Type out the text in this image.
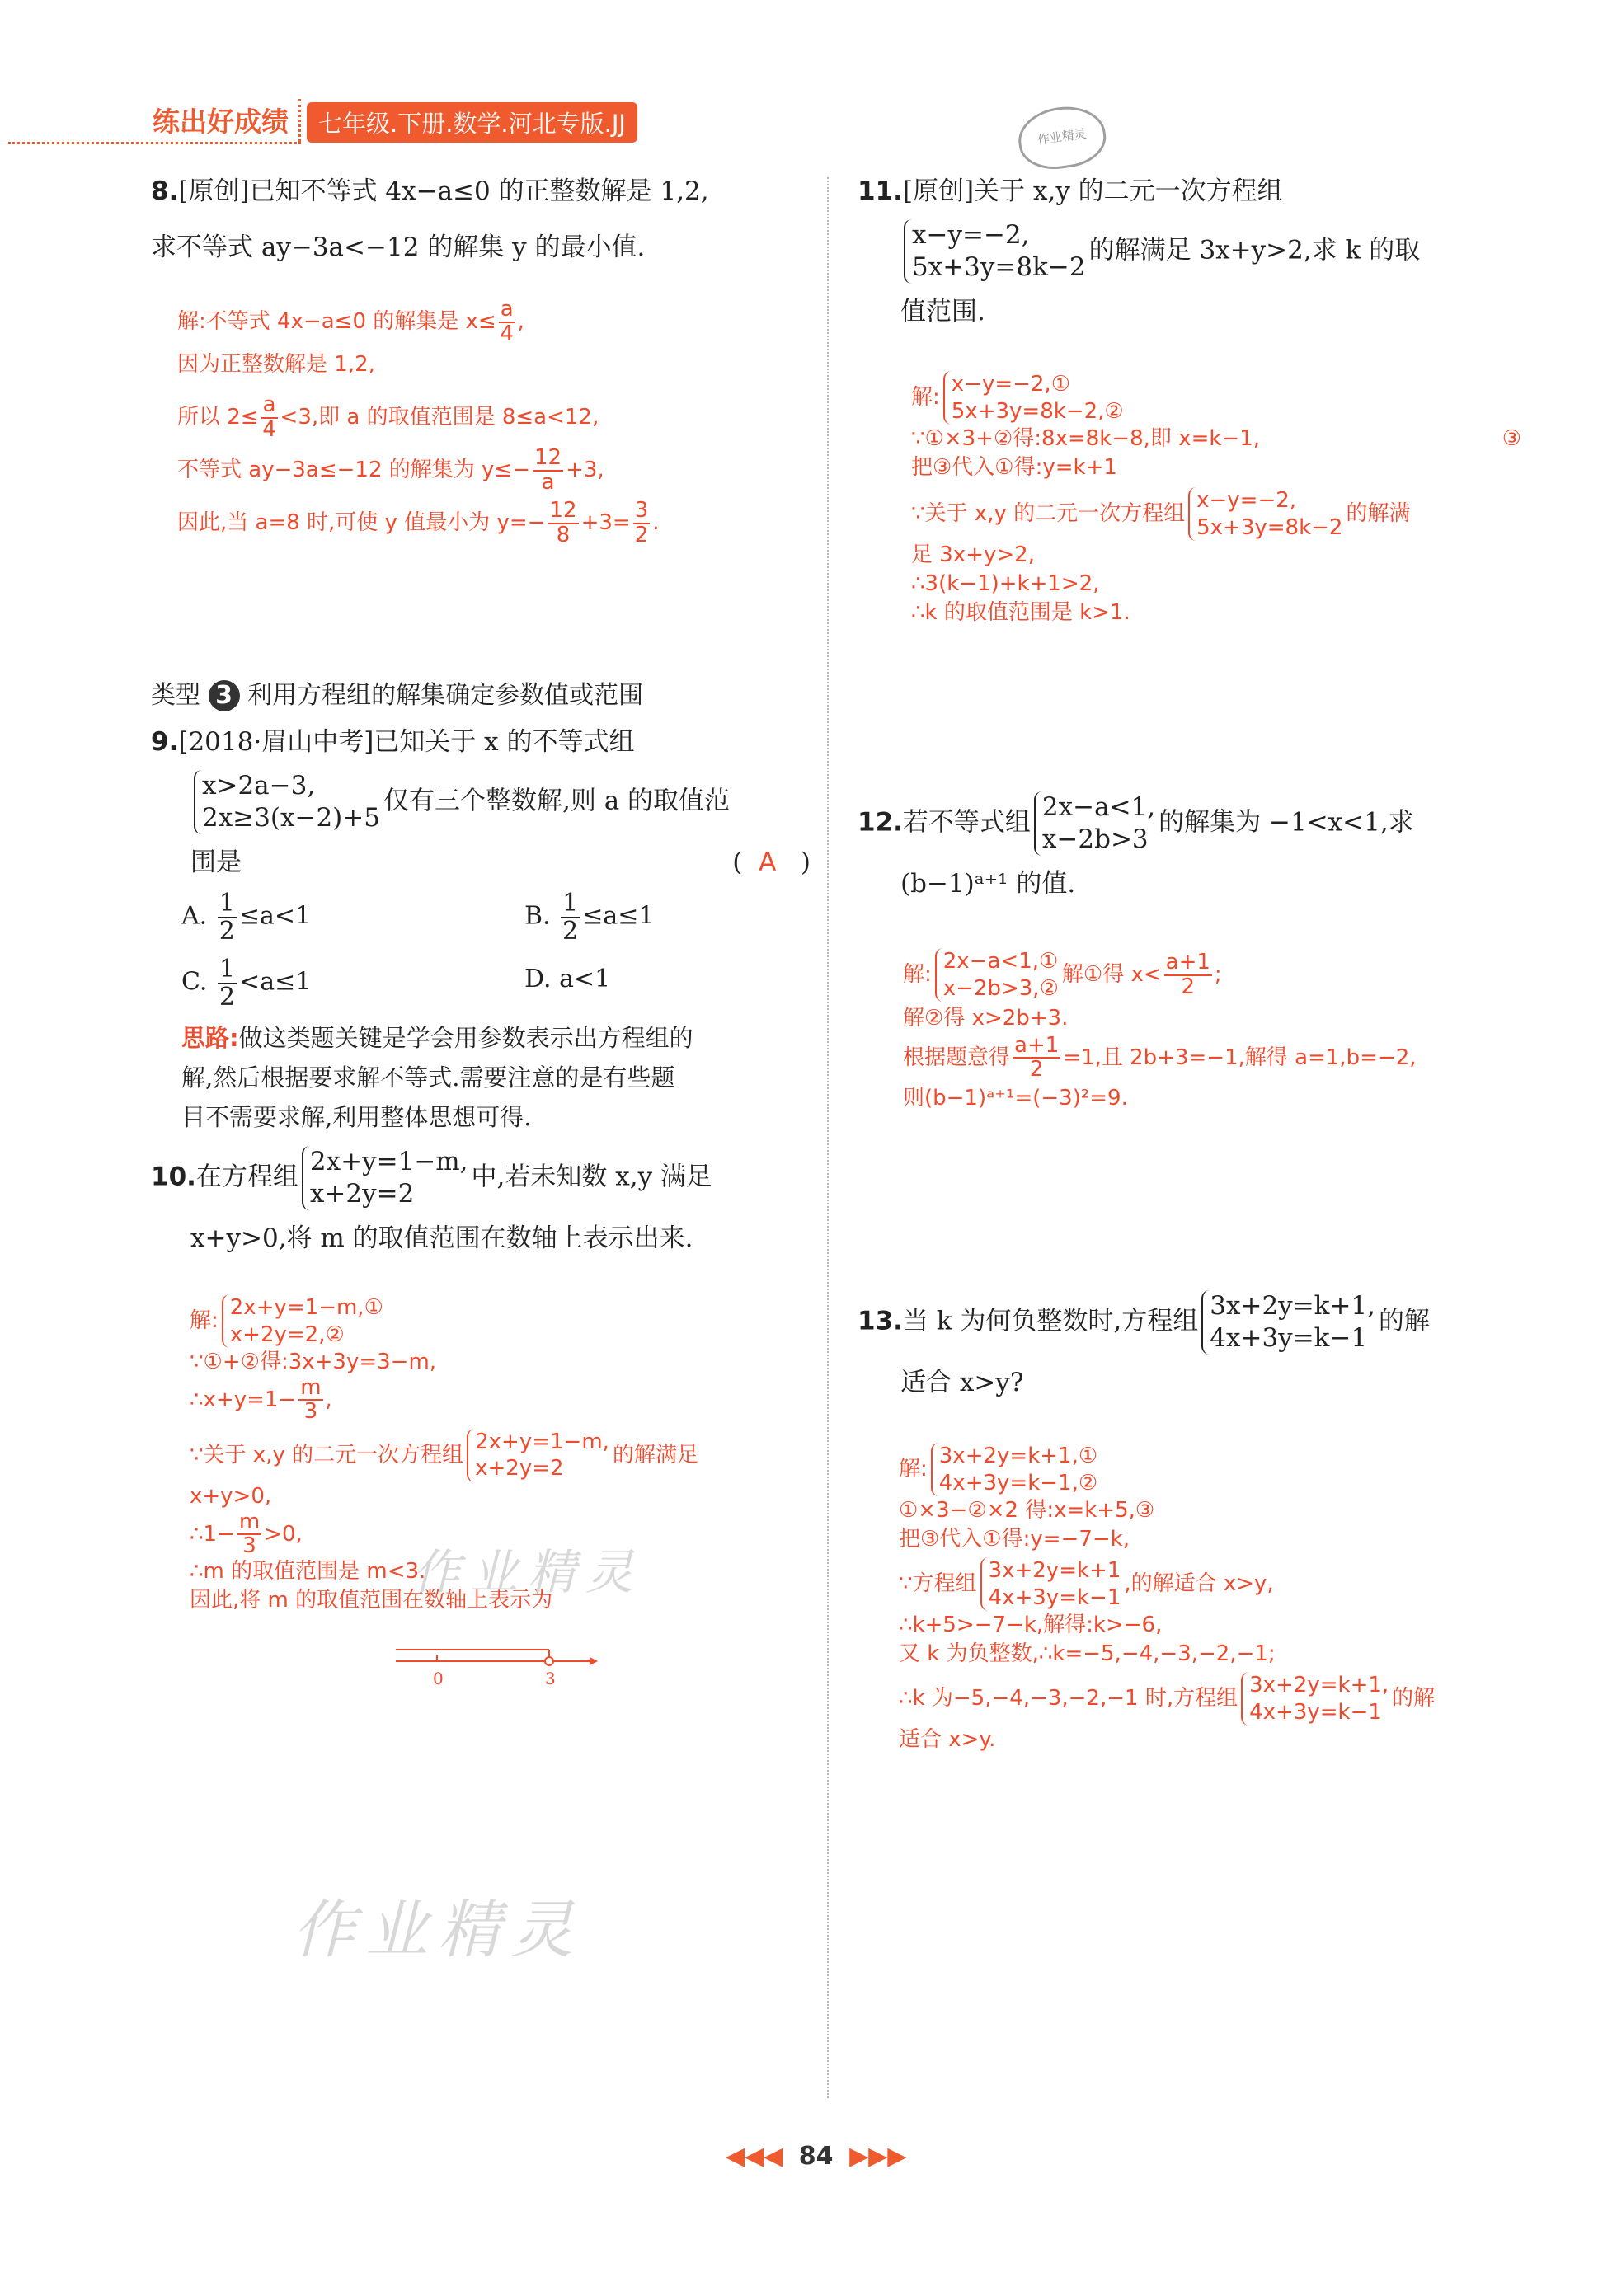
练出好成绩	七年级.下册.数学.河北专版.JJ	作业精灵
8.[原创]已知不等式 4x−a≤0 的正整数解是 1,2,
求不等式 ay−3a<−12 的解集 y 的最小值.
解:不等式 4x−a≤0 的解集是 $x\le \frac{a}{4}$ ,
因为正整数解是 1,2,
所以 $2\le \frac{a}{4} <3$,即 a 的取值范围是 8≤a<12,
不等式 ay−3a≤−12 的解集为 $y\le- \frac{12}{a} +3$,
因此,当 a=8 时,可使 y 值最小为 $y=- \frac{12}{8} +3= \frac{3}{2}$ .
类型 3 利用方程组的解集确定参数值或范围
9.[2018·眉山中考]已知关于 x 的不等式组
x>2a−3,
2x≥3(x−2)+5
仅有三个整数解,则 a 的取值范
围是	( A )
A. $\frac{1}{2} \le a<1$	B. $\frac{1}{2} \le a\le 1$
C. $\frac{1}{2} <a\le 1$	D. a<1
思路:做这类题关键是学会用参数表示出方程组的
解,然后根据要求解不等式.需要注意的是有些题
目不需要求解,利用整体思想可得.
10.在方程组
2x+y=1−m,
x+2y=2
中,若未知数 x,y 满足
x+y>0,将 m 的取值范围在数轴上表示出来.
解:
2x+y=1−m,①
x+2y=2,②
∵①+②得:3x+3y=3−m,
∴x+y=1− $\frac{m}{3}$ ,
∵关于 x,y 的二元一次方程组
2x+y=1−m,
x+2y=2
的解满足
x+y>0,
∴1− $\frac{m}{3} >0$,
∴m 的取值范围是 m<3.
因此,将 m 的取值范围在数轴上表示为
0	3
作业精灵
作业精灵
11.[原创]关于 x,y 的二元一次方程组
x−y=−2,
5x+3y=8k−2
的解满足 3x+y>2,求 k 的取
值范围.
解:
x−y=−2,①
5x+3y=8k−2,②
∵①×3+②得:8x=8k−8,即 x=k−1,	③
把③代入①得:y=k+1
∵关于 x,y 的二元一次方程组
x−y=−2,
5x+3y=8k−2
的解满
足 3x+y>2,
∴3(k−1)+k+1>2,
∴k 的取值范围是 k>1.
12.若不等式组
2x−a<1,
x−2b>3
的解集为 −1<x<1,求
(b−1)ᵃ⁺¹ 的值.
解:
2x−a<1,①
x−2b>3,②
解①得 $x< \frac{a+1}{2}$ ;
解②得 x>2b+3.
根据题意得 $\frac{a+1}{2} =1$,且 2b+3=−1,解得 a=1,b=−2,
则(b−1)ᵃ⁺¹=(−3)²=9.
13.当 k 为何负整数时,方程组
3x+2y=k+1,
4x+3y=k−1
的解
适合 x>y?
解:
3x+2y=k+1,①
4x+3y=k−1,②
①×3−②×2 得:x=k+5,③
把③代入①得:y=−7−k,
∵方程组
3x+2y=k+1
4x+3y=k−1
,的解适合 x>y,
∴k+5>−7−k,解得:k>−6,
又 k 为负整数,∴k=−5,−4,−3,−2,−1;
∴k 为−5,−4,−3,−2,−1 时,方程组
3x+2y=k+1,
4x+3y=k−1
的解
适合 x>y.
◀◀◀ 84 ▶▶▶
